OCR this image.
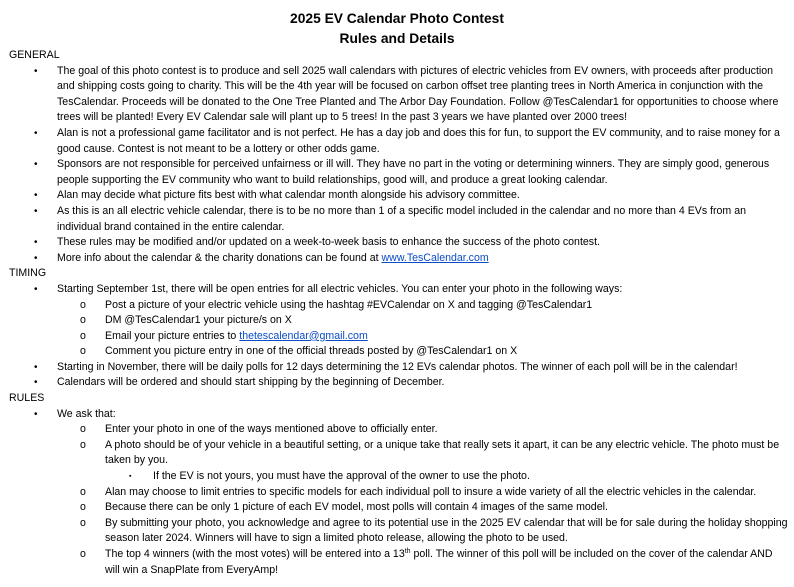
2025 EV Calendar Photo Contest
Rules and Details
GENERAL
• The goal of this photo contest is to produce and sell 2025 wall calendars with pictures of electric vehicles from EV owners, with proceeds after production and shipping costs going to charity. This will be the 4th year will be focused on carbon offset tree planting trees in North America in conjunction with the TesCalendar. Proceeds will be donated to the One Tree Planted and The Arbor Day Foundation. Follow @TesCalendar1 for opportunities to choose where trees will be planted! Every EV Calendar sale will plant up to 5 trees! In the past 3 years we have planted over 2000 trees!
• Alan is not a professional game facilitator and is not perfect. He has a day job and does this for fun, to support the EV community, and to raise money for a good cause. Contest is not meant to be a lottery or other odds game.
• Sponsors are not responsible for perceived unfairness or ill will. They have no part in the voting or determining winners. They are simply good, generous people supporting the EV community who want to build relationships, good will, and produce a great looking calendar.
• Alan may decide what picture fits best with what calendar month alongside his advisory committee.
• As this is an all electric vehicle calendar, there is to be no more than 1 of a specific model included in the calendar and no more than 4 EVs from an individual brand contained in the entire calendar.
• These rules may be modified and/or updated on a week-to-week basis to enhance the success of the photo contest.
• More info about the calendar & the charity donations can be found at www.TesCalendar.com
TIMING
• Starting September 1st, there will be open entries for all electric vehicles. You can enter your photo in the following ways:
o Post a picture of your electric vehicle using the hashtag #EVCalendar on X and tagging @TesCalendar1
o DM @TesCalendar1 your picture/s on X
o Email your picture entries to thetescalendar@gmail.com
o Comment you picture entry in one of the official threads posted by @TesCalendar1 on X
• Starting in November, there will be daily polls for 12 days determining the 12 EVs calendar photos. The winner of each poll will be in the calendar!
• Calendars will be ordered and should start shipping by the beginning of December.
RULES
• We ask that:
o Enter your photo in one of the ways mentioned above to officially enter.
o A photo should be of your vehicle in a beautiful setting, or a unique take that really sets it apart, it can be any electric vehicle. The photo must be taken by you.
▪ If the EV is not yours, you must have the approval of the owner to use the photo.
o Alan may choose to limit entries to specific models for each individual poll to insure a wide variety of all the electric vehicles in the calendar.
o Because there can be only 1 picture of each EV model, most polls will contain 4 images of the same model.
o By submitting your photo, you acknowledge and agree to its potential use in the 2025 EV calendar that will be for sale during the holiday shopping season later 2024. Winners will have to sign a limited photo release, allowing the photo to be used.
o The top 4 winners (with the most votes) will be entered into a 13th poll. The winner of this poll will be included on the cover of the calendar AND will win a SnapPlate from EveryAmp!
